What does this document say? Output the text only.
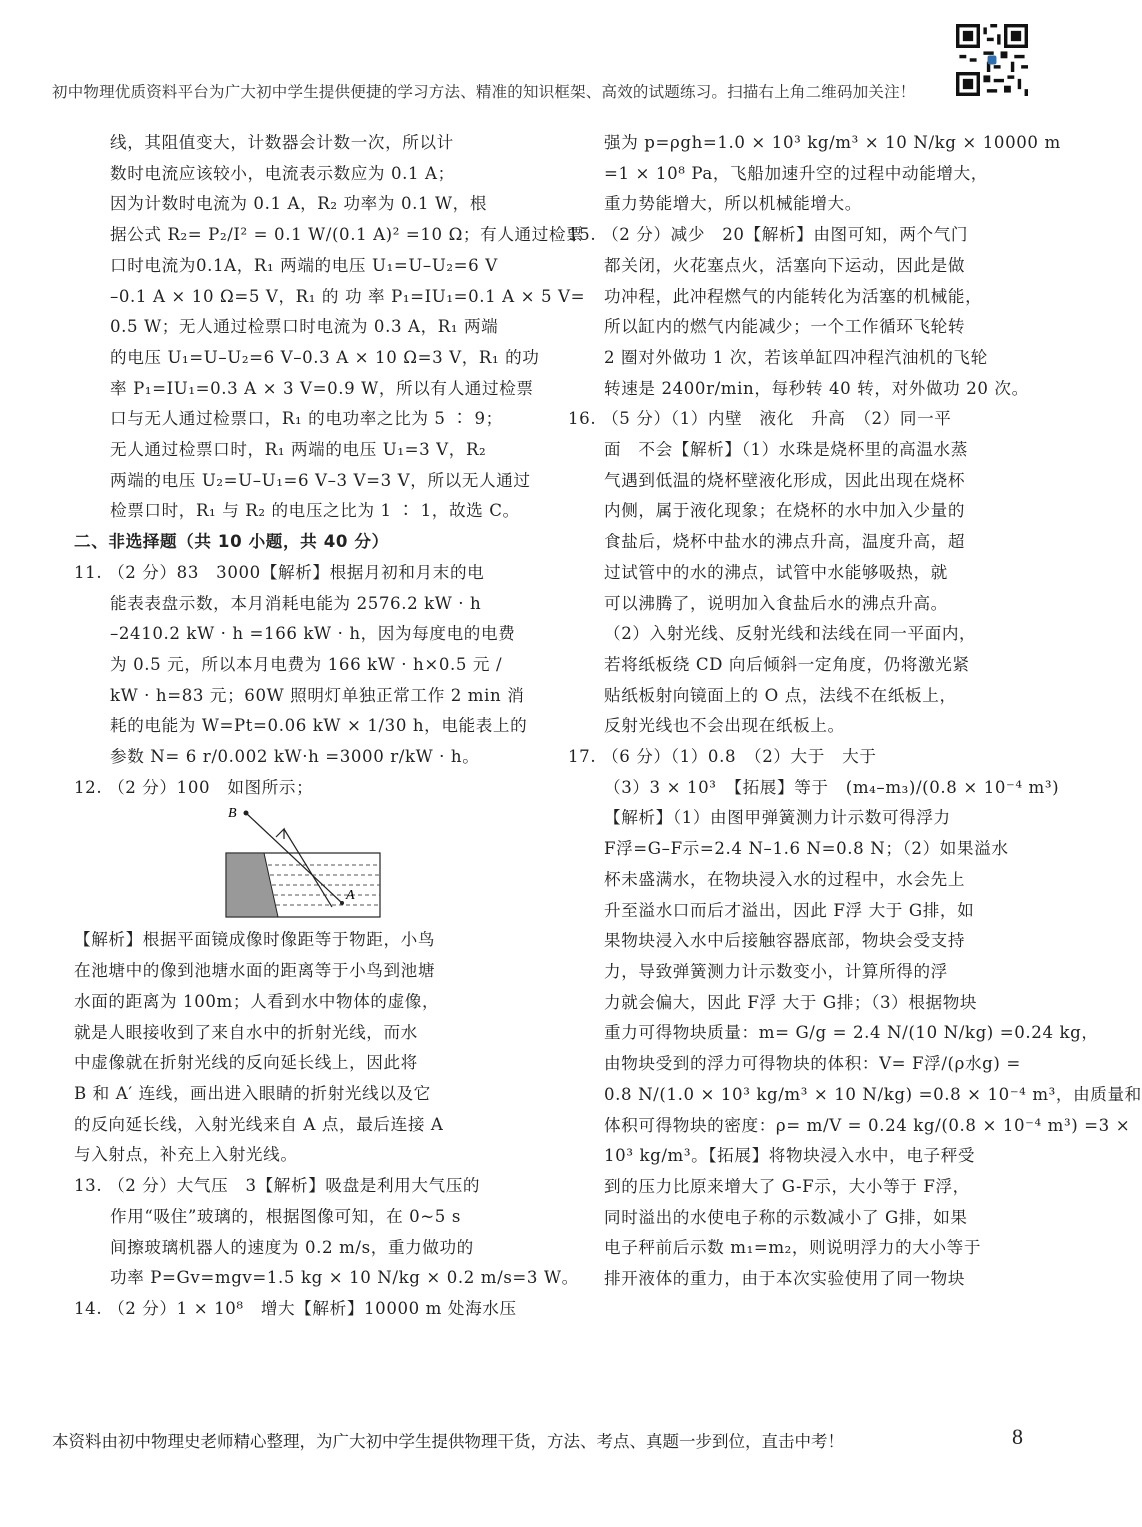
初中物理优质资料平台为广大初中学生提供便捷的学习方法、精准的知识框架、高效的试题练习。扫描右上角二维码加关注！

线，其阻值变大，计数器会计数一次，所以计

数时电流应该较小，电流表示数应为 0.1 A；

因为计数时电流为 0.1 A，R₂ 功率为 0.1 W，根

据公式 R₂= P₂/I² = 0.1 W/(0.1 A)² =10 Ω；有人通过检票

口时电流为0.1A，R₁ 两端的电压 U₁=U–U₂=6 V

–0.1 A × 10 Ω=5 V，R₁ 的 功 率 P₁=IU₁=0.1 A × 5 V=

0.5 W；无人通过检票口时电流为 0.3 A，R₁ 两端

的电压 U₁=U–U₂=6 V–0.3 A × 10 Ω=3 V，R₁ 的功

率 P₁=IU₁=0.3 A × 3 V=0.9 W，所以有人通过检票

口与无人通过检票口，R₁ 的电功率之比为 5 ∶ 9；

无人通过检票口时，R₁ 两端的电压 U₁=3 V，R₂

两端的电压 U₂=U–U₁=6 V–3 V=3 V，所以无人通过

检票口时，R₁ 与 R₂ 的电压之比为 1 ∶ 1，故选 C。

二、非选择题（共 10 小题，共 40 分）

11. （2 分）83　3000【解析】根据月初和月末的电

能表表盘示数，本月消耗电能为 2576.2 kW · h

–2410.2 kW · h =166 kW · h，因为每度电的电费

为 0.5 元，所以本月电费为 166 kW · h×0.5 元 /

kW · h=83 元；60W 照明灯单独正常工作 2 min 消

耗的电能为 W=Pt=0.06 kW × 1/30 h，电能表上的

参数 N= 6 r/0.002 kW·h =3000 r/kW · h。

12. （2 分）100　如图所示；

B
A

【解析】根据平面镜成像时像距等于物距，小鸟

在池塘中的像到池塘水面的距离等于小鸟到池塘

水面的距离为 100m；人看到水中物体的虚像，

就是人眼接收到了来自水中的折射光线，而水

中虚像就在折射光线的反向延长线上，因此将

B 和 A′ 连线，画出进入眼睛的折射光线以及它

的反向延长线，入射光线来自 A 点，最后连接 A

与入射点，补充上入射光线。

13. （2 分）大气压　3【解析】吸盘是利用大气压的

作用“吸住”玻璃的，根据图像可知，在 0~5 s

间擦玻璃机器人的速度为 0.2 m/s，重力做功的

功率 P=Gv=mgv=1.5 kg × 10 N/kg × 0.2 m/s=3 W。

14. （2 分）1 × 10⁸　增大【解析】10000 m 处海水压

强为 p=ρgh=1.0 × 10³ kg/m³ × 10 N/kg × 10000 m

=1 × 10⁸ Pa，飞船加速升空的过程中动能增大，

重力势能增大，所以机械能增大。

15. （2 分）减少　20【解析】由图可知，两个气门

都关闭，火花塞点火，活塞向下运动，因此是做

功冲程，此冲程燃气的内能转化为活塞的机械能，

所以缸内的燃气内能减少；一个工作循环飞轮转

2 圈对外做功 1 次，若该单缸四冲程汽油机的飞轮

转速是 2400r/min，每秒转 40 转，对外做功 20 次。

16. （5 分）（1）内壁　液化　升高　（2）同一平

面　不会【解析】（1）水珠是烧杯里的高温水蒸

气遇到低温的烧杯壁液化形成，因此出现在烧杯

内侧，属于液化现象；在烧杯的水中加入少量的

食盐后，烧杯中盐水的沸点升高，温度升高，超

过试管中的水的沸点，试管中水能够吸热，就

可以沸腾了，说明加入食盐后水的沸点升高。

（2）入射光线、反射光线和法线在同一平面内，

若将纸板绕 CD 向后倾斜一定角度，仍将激光紧

贴纸板射向镜面上的 O 点，法线不在纸板上，

反射光线也不会出现在纸板上。

17. （6 分）（1）0.8　（2）大于　大于

（3）3 × 10³　【拓展】等于　(m₄–m₃)/(0.8 × 10⁻⁴ m³)

【解析】（1）由图甲弹簧测力计示数可得浮力

F浮=G–F示=2.4 N–1.6 N=0.8 N；（2）如果溢水

杯未盛满水，在物块浸入水的过程中，水会先上

升至溢水口而后才溢出，因此 F浮 大于 G排，如

果物块浸入水中后接触容器底部，物块会受支持

力，导致弹簧测力计示数变小，计算所得的浮

力就会偏大，因此 F浮 大于 G排；（3）根据物块

重力可得物块质量：m= G/g = 2.4 N/(10 N/kg) =0.24 kg，

由物块受到的浮力可得物块的体积：V= F浮/(ρ水g) =

0.8 N/(1.0 × 10³ kg/m³ × 10 N/kg) =0.8 × 10⁻⁴ m³，由质量和

体积可得物块的密度：ρ= m/V = 0.24 kg/(0.8 × 10⁻⁴ m³) =3 ×

10³ kg/m³。【拓展】将物块浸入水中，电子秤受

到的压力比原来增大了 G-F示，大小等于 F浮，

同时溢出的水使电子称的示数减小了 G排，如果

电子秤前后示数 m₁=m₂，则说明浮力的大小等于

排开液体的重力，由于本次实验使用了同一物块

本资料由初中物理史老师精心整理，为广大初中学生提供物理干货，方法、考点、真题一步到位，直击中考！	8
